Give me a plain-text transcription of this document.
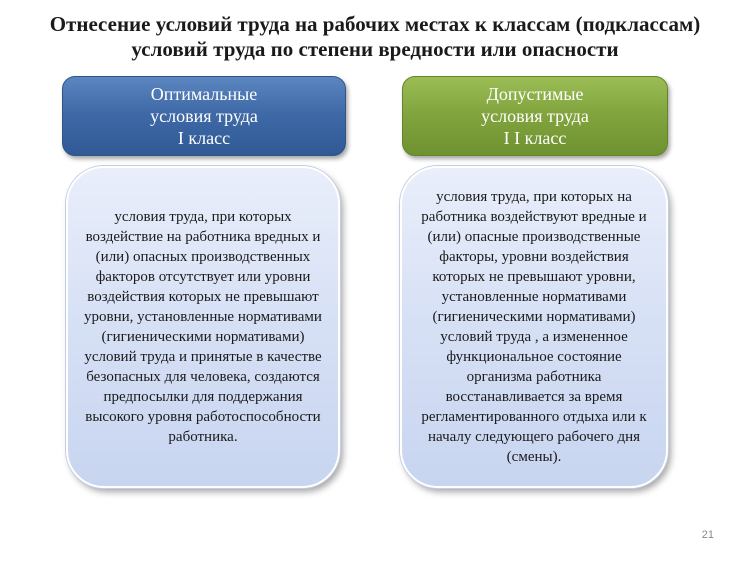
Отнесение условий труда на рабочих местах к классам (подклассам)
условий труда по степени вредности или опасности
Оптимальные
условия труда
I класс
Допустимые
условия труда
I I класс
условия труда, при которых воздействие на работника вредных и (или) опасных производственных факторов отсутствует или уровни воздействия которых не превышают уровни, установленные нормативами (гигиеническими нормативами) условий труда и принятые в качестве безопасных для человека, создаются предпосылки для поддержания высокого уровня работоспособности работника.
условия труда, при которых на работника воздействуют вредные и (или) опасные производственные факторы, уровни воздействия которых не превышают уровни, установленные нормативами (гигиеническими нормативами) условий труда , а измененное функциональное состояние организма работника восстанавливается за время регламентированного отдыха или к началу следующего рабочего дня (смены).
21
